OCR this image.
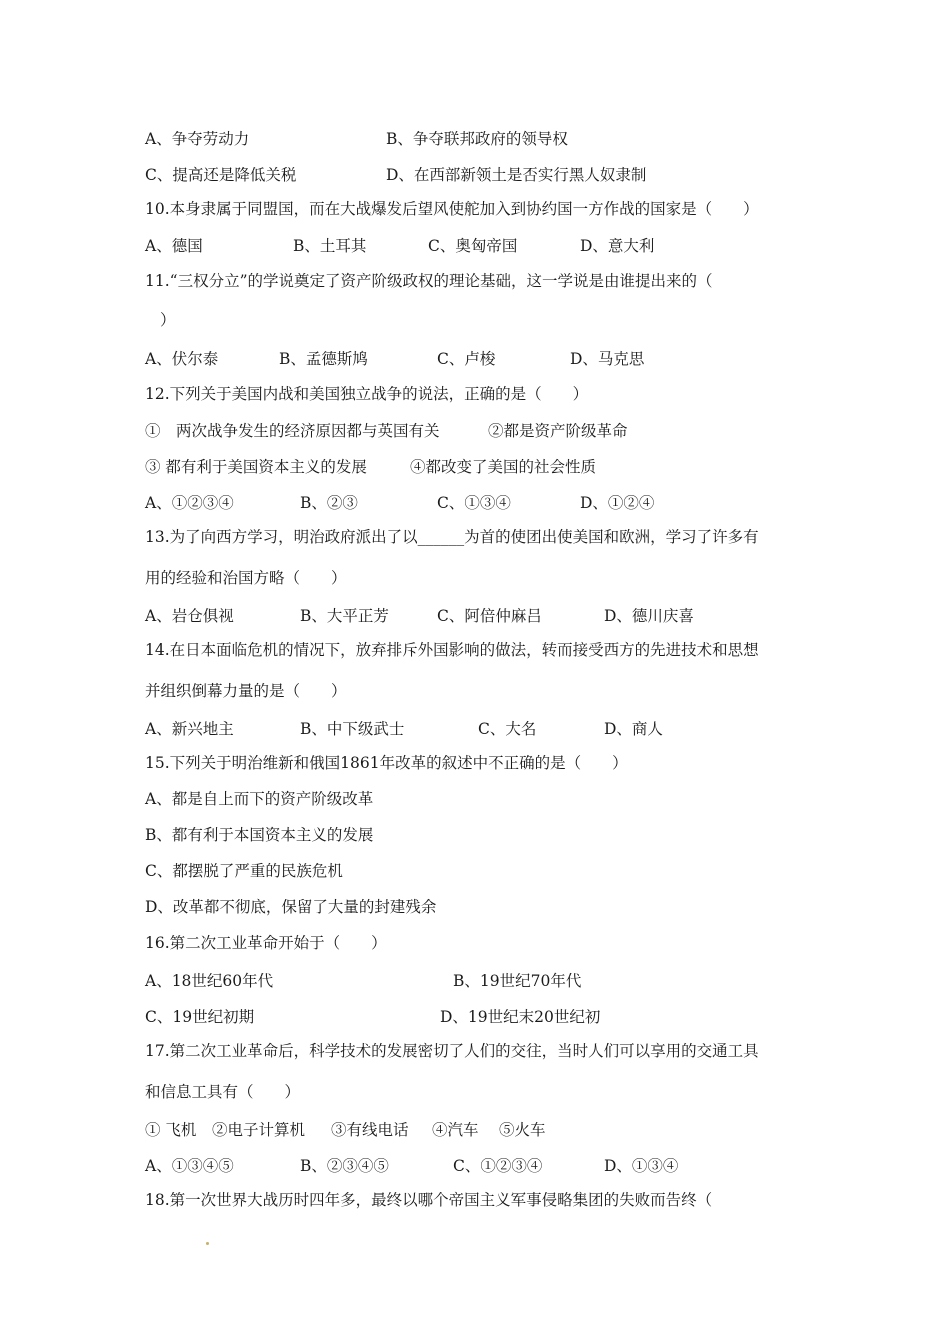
A、争夺劳动力	B、争夺联邦政府的领导权
C、提高还是降低关税	D、在西部新领土是否实行黑人奴隶制
10.本身隶属于同盟国，而在大战爆发后望风使舵加入到协约国一方作战的国家是（　　）
A、德国	B、土耳其	C、奥匈帝国	D、意大利
11.“三权分立”的学说奠定了资产阶级政权的理论基础，这一学说是由谁提出来的（
）
A、伏尔泰	B、孟德斯鸠	C、卢梭	D、马克思
12.下列关于美国内战和美国独立战争的说法，正确的是（　　）
①　两次战争发生的经济原因都与英国有关	②都是资产阶级革命
③ 都有利于美国资本主义的发展	④都改变了美国的社会性质
A、①②③④	B、②③	C、①③④	D、①②④
13.为了向西方学习，明治政府派出了以______为首的使团出使美国和欧洲，学习了许多有
用的经验和治国方略（　　）
A、岩仓俱视	B、大平正芳	C、阿倍仲麻吕	D、德川庆喜
14.在日本面临危机的情况下，放弃排斥外国影响的做法，转而接受西方的先进技术和思想
并组织倒幕力量的是（　　）
A、新兴地主	B、中下级武士	C、大名	D、商人
15.下列关于明治维新和俄国1861年改革的叙述中不正确的是（　　）
A、都是自上而下的资产阶级改革
B、都有利于本国资本主义的发展
C、都摆脱了严重的民族危机
D、改革都不彻底，保留了大量的封建残余
16.第二次工业革命开始于（　　）
A、18世纪60年代	B、19世纪70年代
C、19世纪初期	D、19世纪末20世纪初
17.第二次工业革命后，科学技术的发展密切了人们的交往，当时人们可以享用的交通工具
和信息工具有（　　）
① 飞机 ②电子计算机 ③有线电话 ④汽车 ⑤火车
A、①③④⑤	B、②③④⑤	C、①②③④	D、①③④
18.第一次世界大战历时四年多，最终以哪个帝国主义军事侵略集团的失败而告终（
